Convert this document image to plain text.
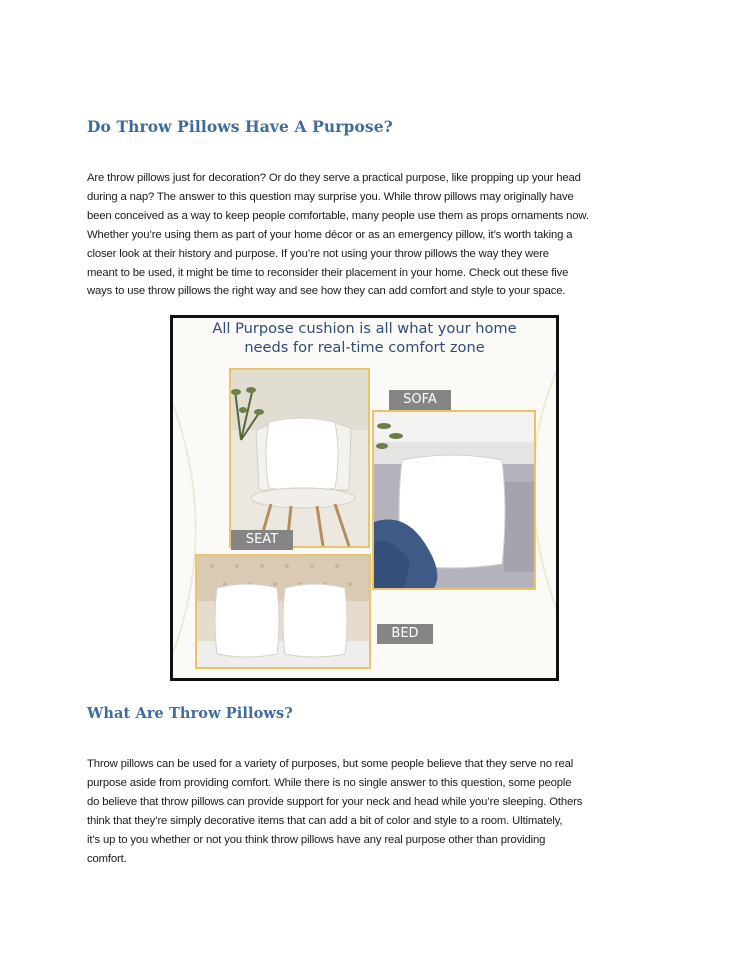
Do Throw Pillows Have A Purpose?

Are throw pillows just for decoration? Or do they serve a practical purpose, like propping up your head
during a nap? The answer to this question may surprise you. While throw pillows may originally have
been conceived as a way to keep people comfortable, many people use them as props ornaments now.
Whether you’re using them as part of your home décor or as an emergency pillow, it’s worth taking a
closer look at their history and purpose. If you’re not using your throw pillows the way they were
meant to be used, it might be time to reconsider their placement in your home. Check out these five
ways to use throw pillows the right way and see how they can add comfort and style to your space.

All Purpose cushion is all what your home
needs for real-time comfort zone
SOFA
SEAT
BED
What Are Throw Pillows?

Throw pillows can be used for a variety of purposes, but some people believe that they serve no real
purpose aside from providing comfort. While there is no single answer to this question, some people
do believe that throw pillows can provide support for your neck and head while you’re sleeping. Others
think that they’re simply decorative items that can add a bit of color and style to a room. Ultimately,
it’s up to you whether or not you think throw pillows have any real purpose other than providing
comfort.
